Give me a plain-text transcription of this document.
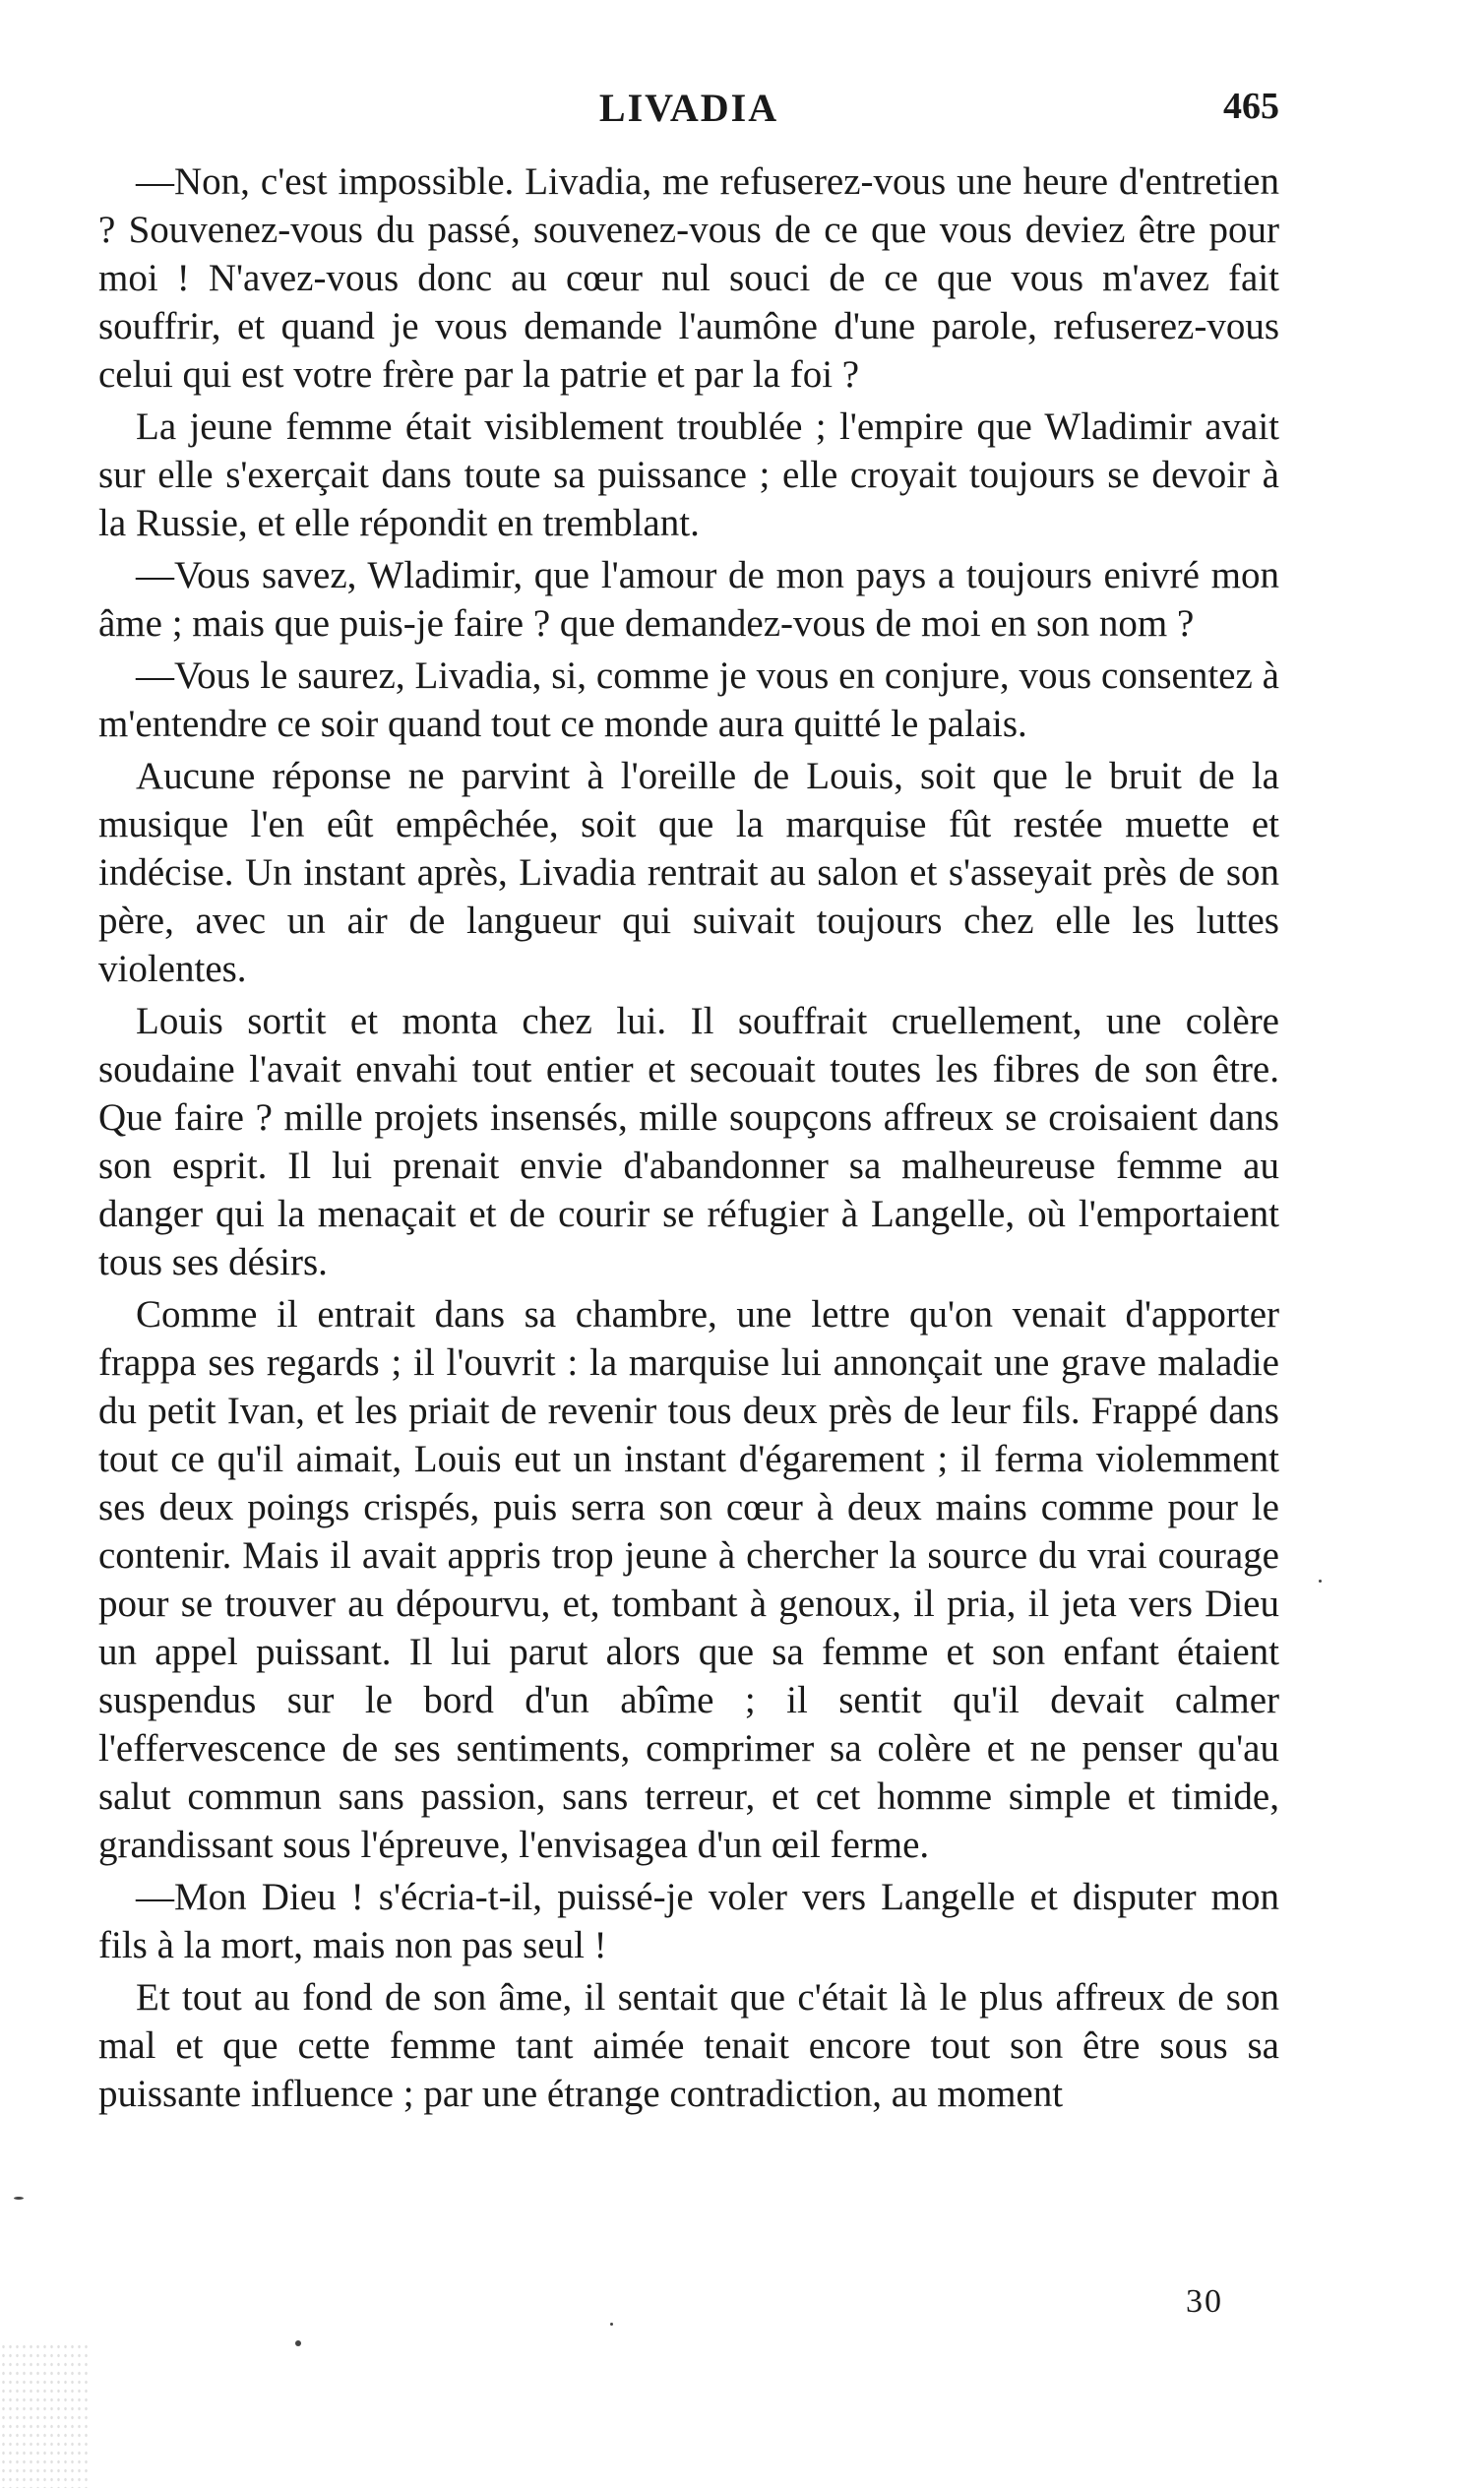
LIVADIA	465

—Non, c'est impossible. Livadia, me refuserez-vous une heure d'entretien ? Souvenez-vous du passé, souvenez-vous de ce que vous deviez être pour moi ! N'avez-vous donc au cœur nul souci de ce que vous m'avez fait souffrir, et quand je vous demande l'aumône d'une parole, refuserez-vous celui qui est votre frère par la patrie et par la foi ?

La jeune femme était visiblement troublée ; l'empire que Wladimir avait sur elle s'exerçait dans toute sa puissance ; elle croyait toujours se devoir à la Russie, et elle répondit en tremblant.

—Vous savez, Wladimir, que l'amour de mon pays a toujours enivré mon âme ; mais que puis-je faire ? que demandez-vous de moi en son nom ?

—Vous le saurez, Livadia, si, comme je vous en conjure, vous consentez à m'entendre ce soir quand tout ce monde aura quitté le palais.

Aucune réponse ne parvint à l'oreille de Louis, soit que le bruit de la musique l'en eût empêchée, soit que la marquise fût restée muette et indécise. Un instant après, Livadia rentrait au salon et s'asseyait près de son père, avec un air de langueur qui suivait toujours chez elle les luttes violentes.

Louis sortit et monta chez lui. Il souffrait cruellement, une colère soudaine l'avait envahi tout entier et secouait toutes les fibres de son être. Que faire ? mille projets insensés, mille soupçons affreux se croisaient dans son esprit. Il lui prenait envie d'abandonner sa malheureuse femme au danger qui la menaçait et de courir se réfugier à Langelle, où l'emportaient tous ses désirs.

Comme il entrait dans sa chambre, une lettre qu'on venait d'apporter frappa ses regards ; il l'ouvrit : la marquise lui annonçait une grave maladie du petit Ivan, et les priait de revenir tous deux près de leur fils. Frappé dans tout ce qu'il aimait, Louis eut un instant d'égarement ; il ferma violemment ses deux poings crispés, puis serra son cœur à deux mains comme pour le contenir. Mais il avait appris trop jeune à chercher la source du vrai courage pour se trouver au dépourvu, et, tombant à genoux, il pria, il jeta vers Dieu un appel puissant. Il lui parut alors que sa femme et son enfant étaient suspendus sur le bord d'un abîme ; il sentit qu'il devait calmer l'effervescence de ses sentiments, comprimer sa colère et ne penser qu'au salut commun sans passion, sans terreur, et cet homme simple et timide, grandissant sous l'épreuve, l'envisagea d'un œil ferme.

—Mon Dieu ! s'écria-t-il, puissé-je voler vers Langelle et disputer mon fils à la mort, mais non pas seul !

Et tout au fond de son âme, il sentait que c'était là le plus affreux de son mal et que cette femme tant aimée tenait encore tout son être sous sa puissante influence ; par une étrange contradiction, au moment

30
